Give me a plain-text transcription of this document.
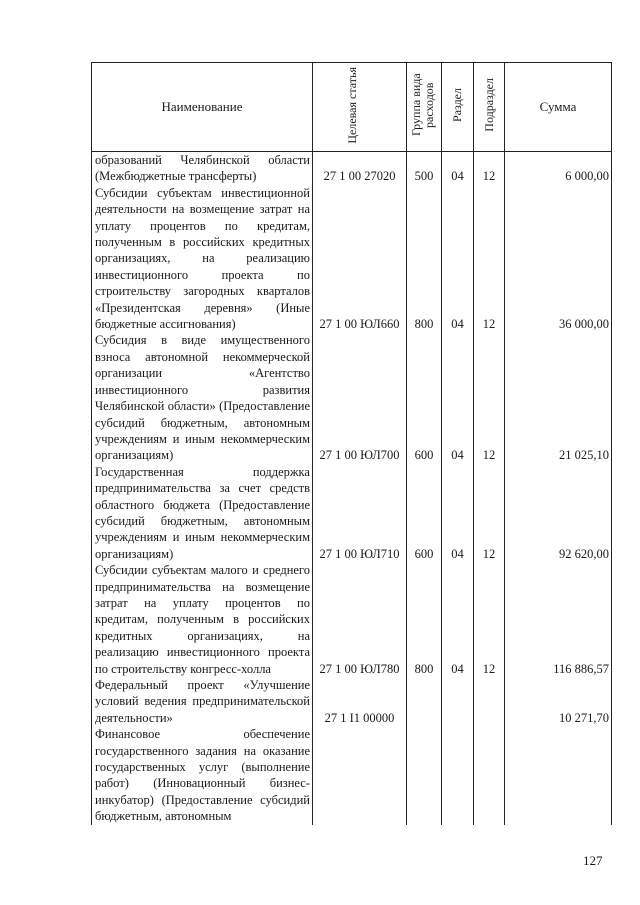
Наименование	Целевая статья	Группа вида расходов	Раздел	Подраздел	Сумма
образований Челябинской области (Межбюджетные трансферты)	27 1 00 27020	500	04	12	6 000,00
Субсидии субъектам инвестиционной деятельности на возмещение затрат на уплату процентов по кредитам, полученным в российских кредитных организациях, на реализацию инвестиционного проекта по строительству загородных кварталов «Президентская деревня» (Иные бюджетные ассигнования)	27 1 00 ЮЛ660	800	04	12	36 000,00
Субсидия в виде имущественного взноса автономной некоммерческой организации «Агентство инвестиционного развития Челябинской области» (Предоставление субсидий бюджетным, автономным учреждениям и иным некоммерческим организациям)	27 1 00 ЮЛ700	600	04	12	21 025,10
Государственная поддержка предпринимательства за счет средств областного бюджета (Предоставление субсидий бюджетным, автономным учреждениям и иным некоммерческим организациям)	27 1 00 ЮЛ710	600	04	12	92 620,00
Субсидии субъектам малого и среднего предпринимательства на возмещение затрат на уплату процентов по кредитам, полученным в российских кредитных организациях, на реализацию инвестиционного проекта по строительству конгресс-холла	27 1 00 ЮЛ780	800	04	12	116 886,57
Федеральный проект «Улучшение условий ведения предпринимательской деятельности»	27 1 I1 00000				10 271,70
Финансовое обеспечение государственного задания на оказание государственных услуг (выполнение работ) (Инновационный бизнес-инкубатор) (Предоставление субсидий бюджетным, автономным					
127
